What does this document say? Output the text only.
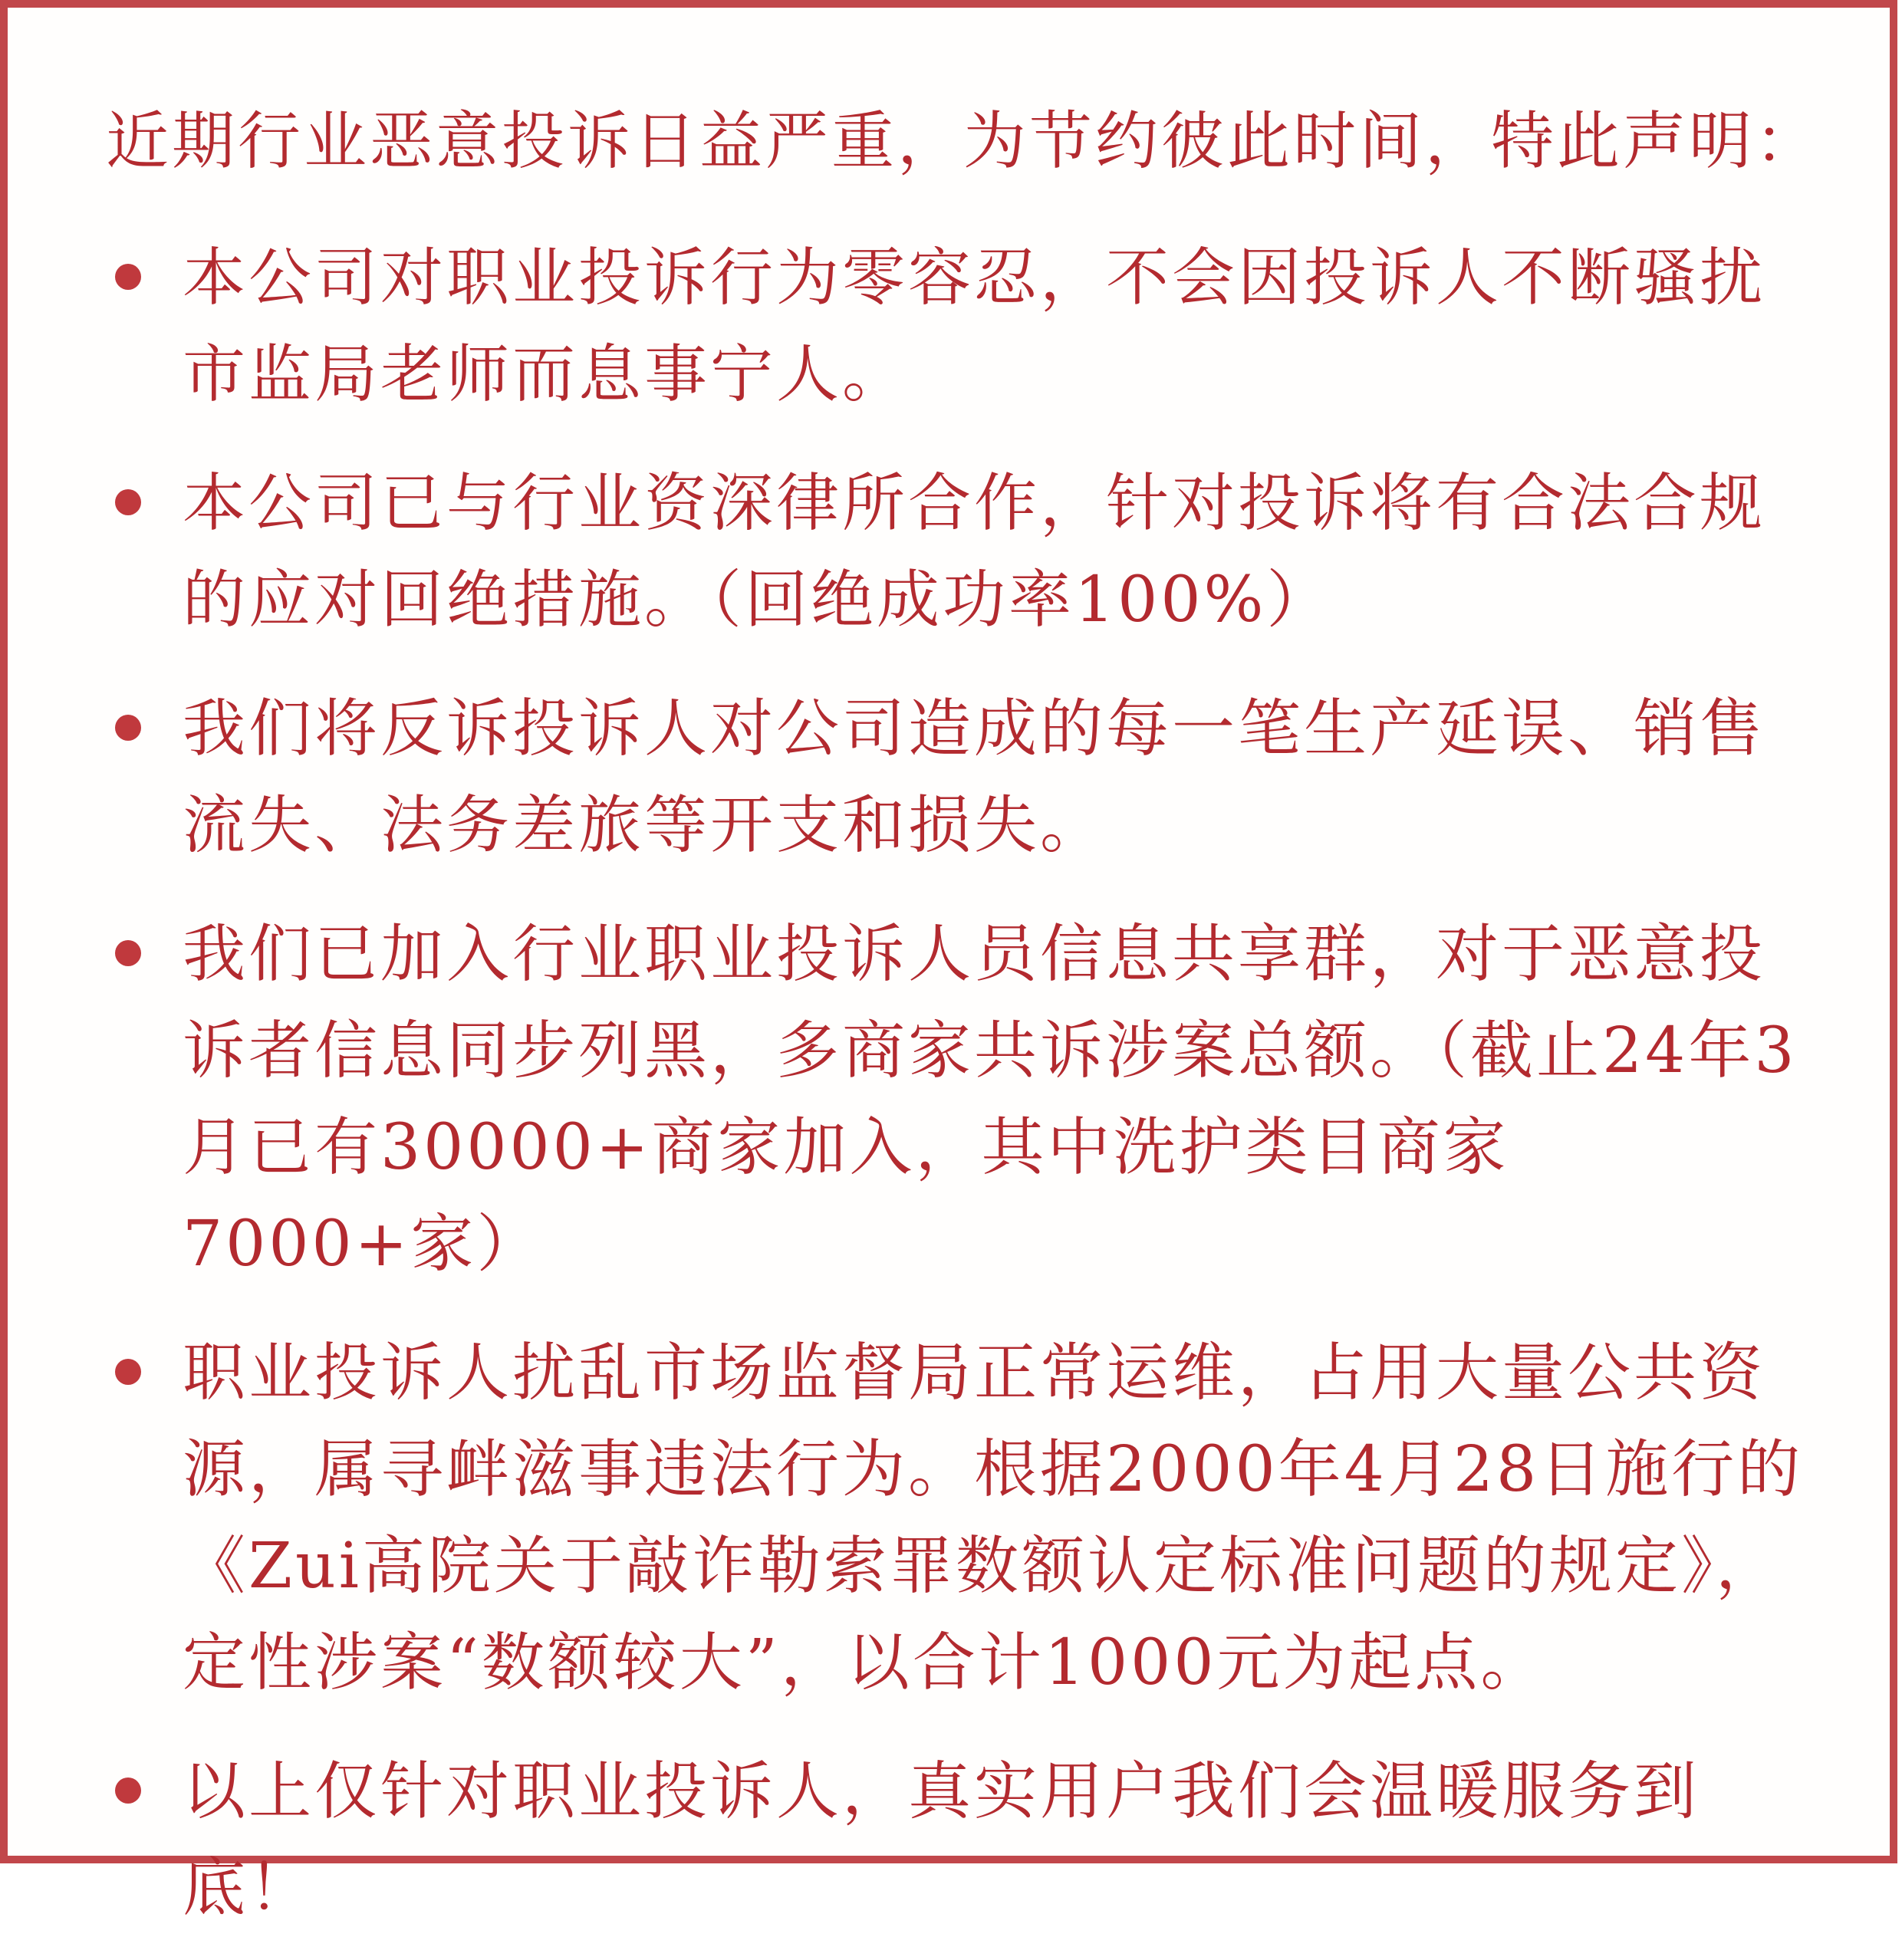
近期行业恶意投诉日益严重，为节约彼此时间，特此声明：

本公司对职业投诉行为零容忍，不会因投诉人不断骚扰市监局老师而息事宁人。
本公司已与行业资深律所合作，针对投诉将有合法合规的应对回绝措施。（回绝成功率100%）
我们将反诉投诉人对公司造成的每一笔生产延误、销售流失、法务差旅等开支和损失。
我们已加入行业职业投诉人员信息共享群，对于恶意投诉者信息同步列黑，多商家共诉涉案总额。（截止24年3月已有30000+商家加入，其中洗护类目商家7000+家）
职业投诉人扰乱市场监督局正常运维，占用大量公共资源，属寻衅滋事违法行为。根据2000年4月28日施行的《Zui高院关于敲诈勒索罪数额认定标准问题的规定》，定性涉案“数额较大”，以合计1000元为起点。
以上仅针对职业投诉人，真实用户我们会温暖服务到底！
